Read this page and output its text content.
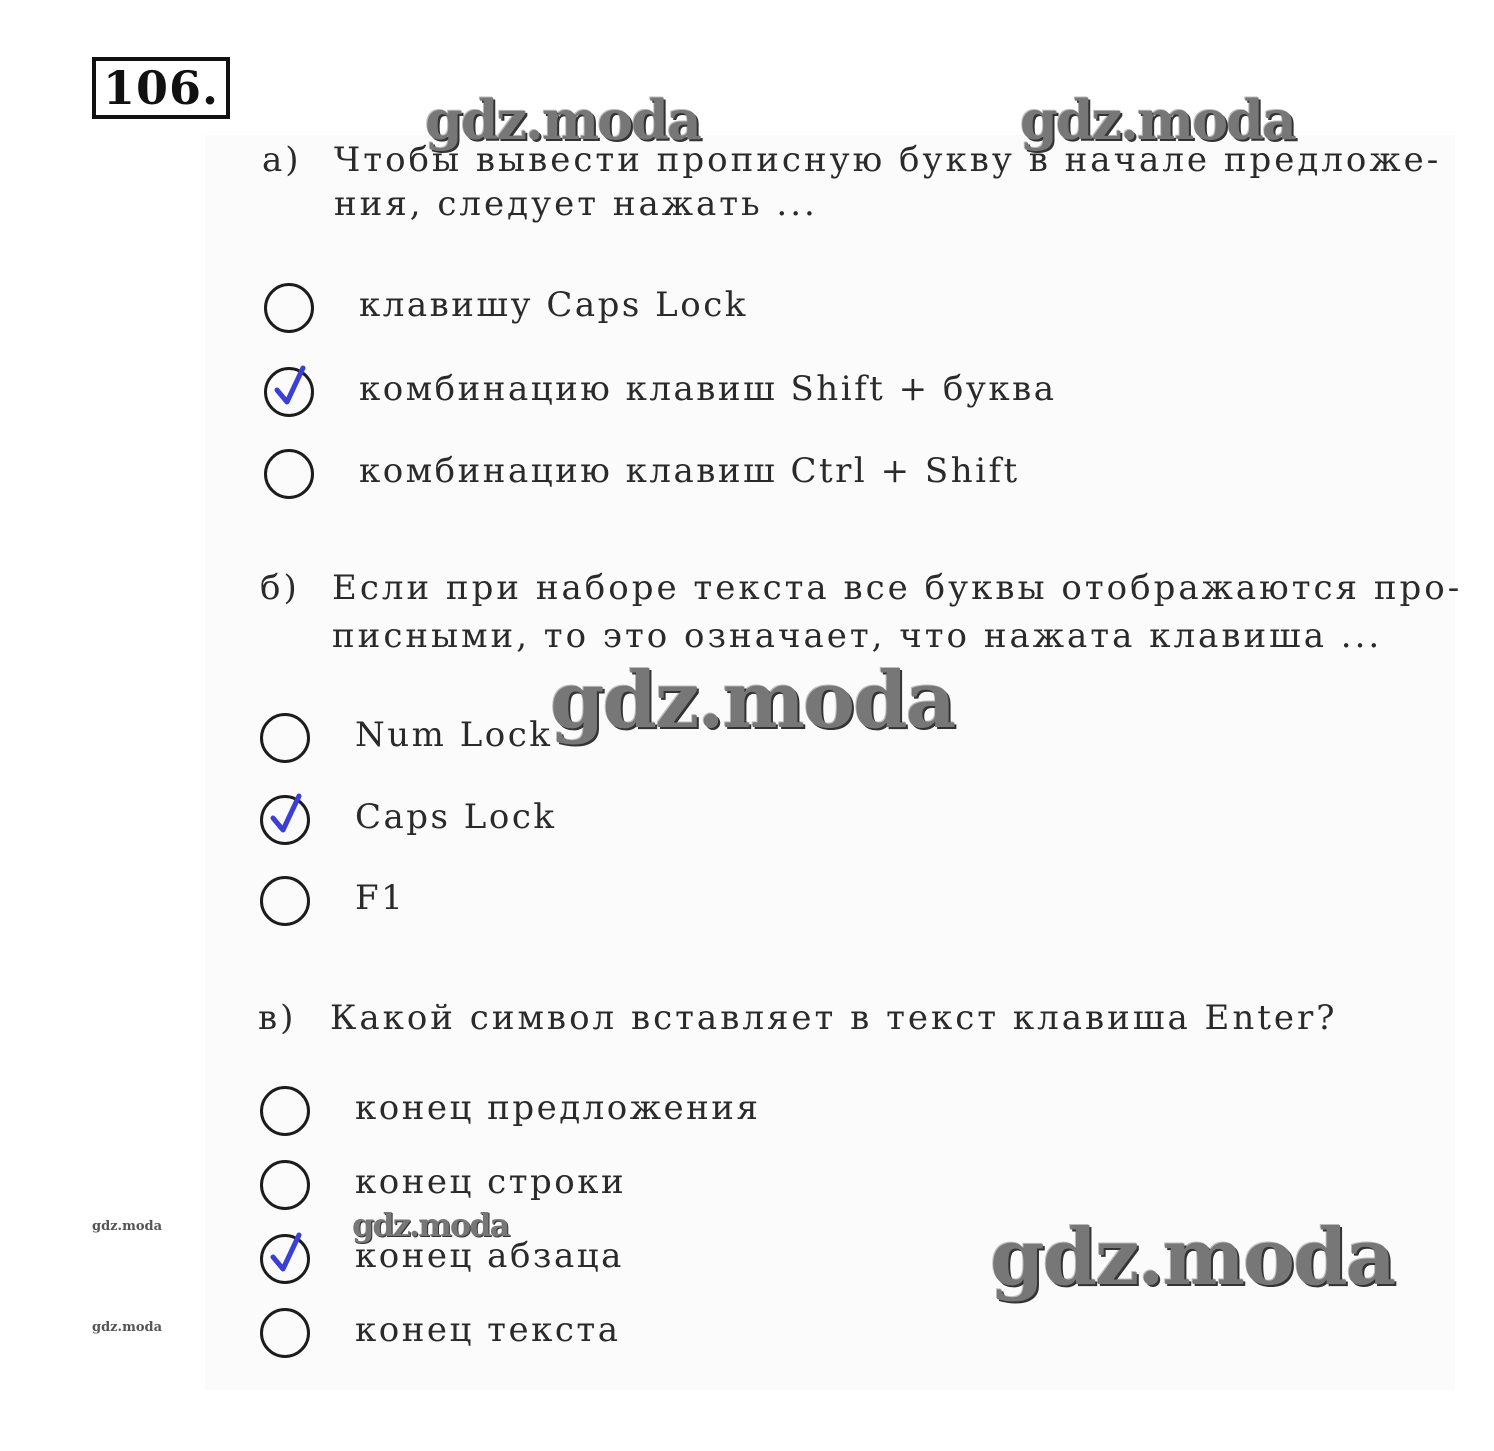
106.
а) Чтобы вывести прописную букву в начале предложе-
ния, следует нажать ...
клавишу Caps Lock
комбинацию клавиш Shift + буква
комбинацию клавиш Ctrl + Shift
б) Если при наборе текста все буквы отображаются про-
писными, то это означает, что нажата клавиша ...
Num Lock
Caps Lock
F1
в) Какой символ вставляет в текст клавиша Enter?
конец предложения
конец строки
конец абзаца
конец текста
gdz.moda	gdz.moda
gdz.moda
gdz.moda
gdz.moda
gdz.moda
gdz.moda
